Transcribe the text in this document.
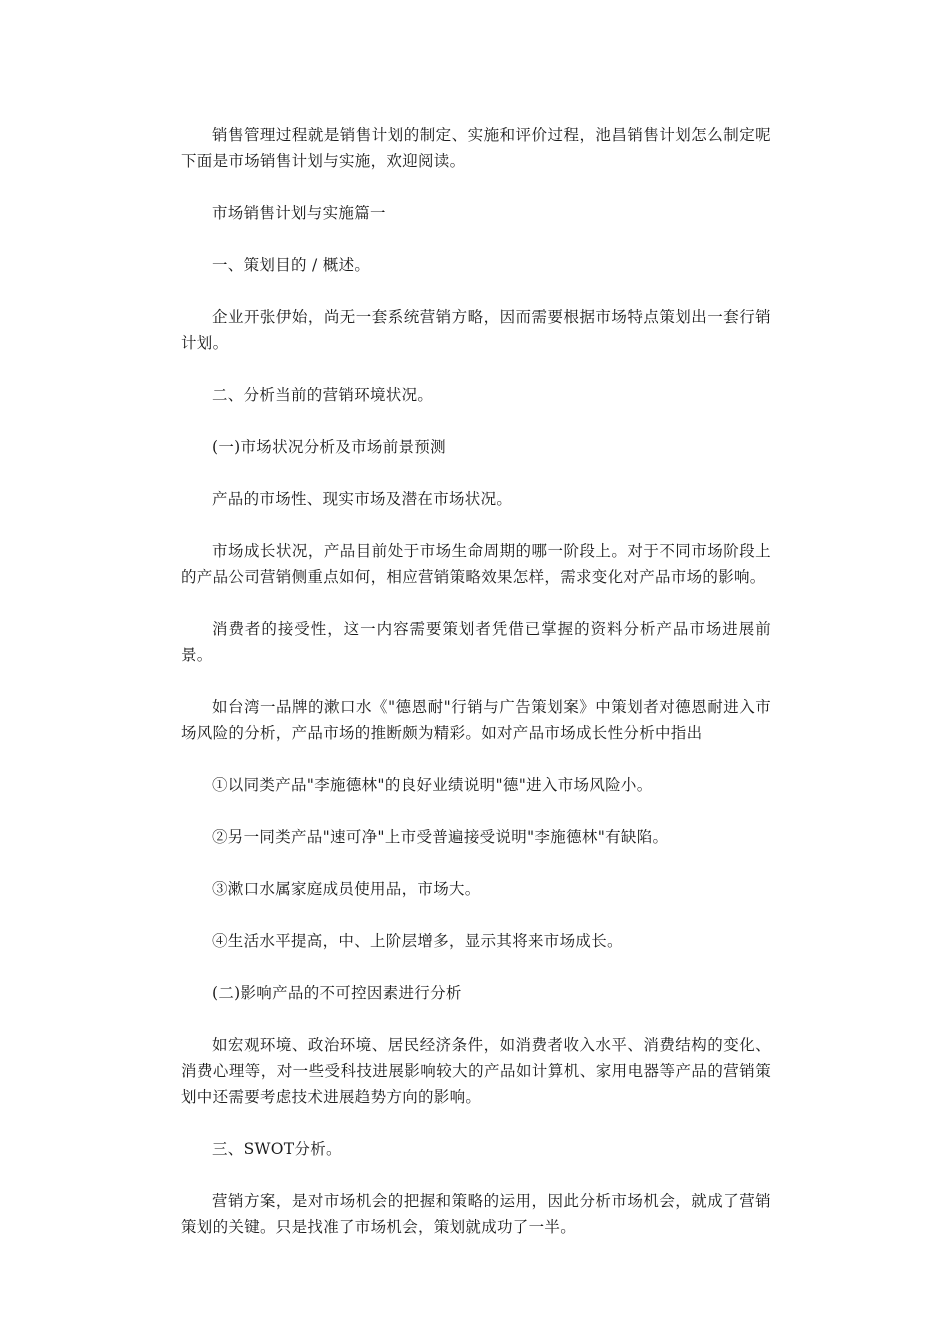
销售管理过程就是销售计划的制定、实施和评价过程，池昌销售计划怎么制定呢下面是市场销售计划与实施，欢迎阅读。

市场销售计划与实施篇一

一、策划目的 / 概述。

企业开张伊始，尚无一套系统营销方略，因而需要根据市场特点策划出一套行销计划。

二、分析当前的营销环境状况。

(一)市场状况分析及市场前景预测

产品的市场性、现实市场及潜在市场状况。

市场成长状况，产品目前处于市场生命周期的哪一阶段上。对于不同市场阶段上的产品公司营销侧重点如何，相应营销策略效果怎样，需求变化对产品市场的影响。

消费者的接受性，这一内容需要策划者凭借已掌握的资料分析产品市场进展前景。

如台湾一品牌的漱口水《"德恩耐"行销与广告策划案》中策划者对德恩耐进入市场风险的分析，产品市场的推断颇为精彩。如对产品市场成长性分析中指出

①以同类产品"李施德林"的良好业绩说明"德"进入市场风险小。

②另一同类产品"速可净"上市受普遍接受说明"李施德林"有缺陷。

③漱口水属家庭成员使用品，市场大。

④生活水平提高，中、上阶层增多，显示其将来市场成长。

(二)影响产品的不可控因素进行分析

如宏观环境、政治环境、居民经济条件，如消费者收入水平、消费结构的变化、消费心理等，对一些受科技进展影响较大的产品如计算机、家用电器等产品的营销策划中还需要考虑技术进展趋势方向的影响。

三、SWOT分析。

营销方案，是对市场机会的把握和策略的运用，因此分析市场机会，就成了营销策划的关键。只是找准了市场机会，策划就成功了一半。
